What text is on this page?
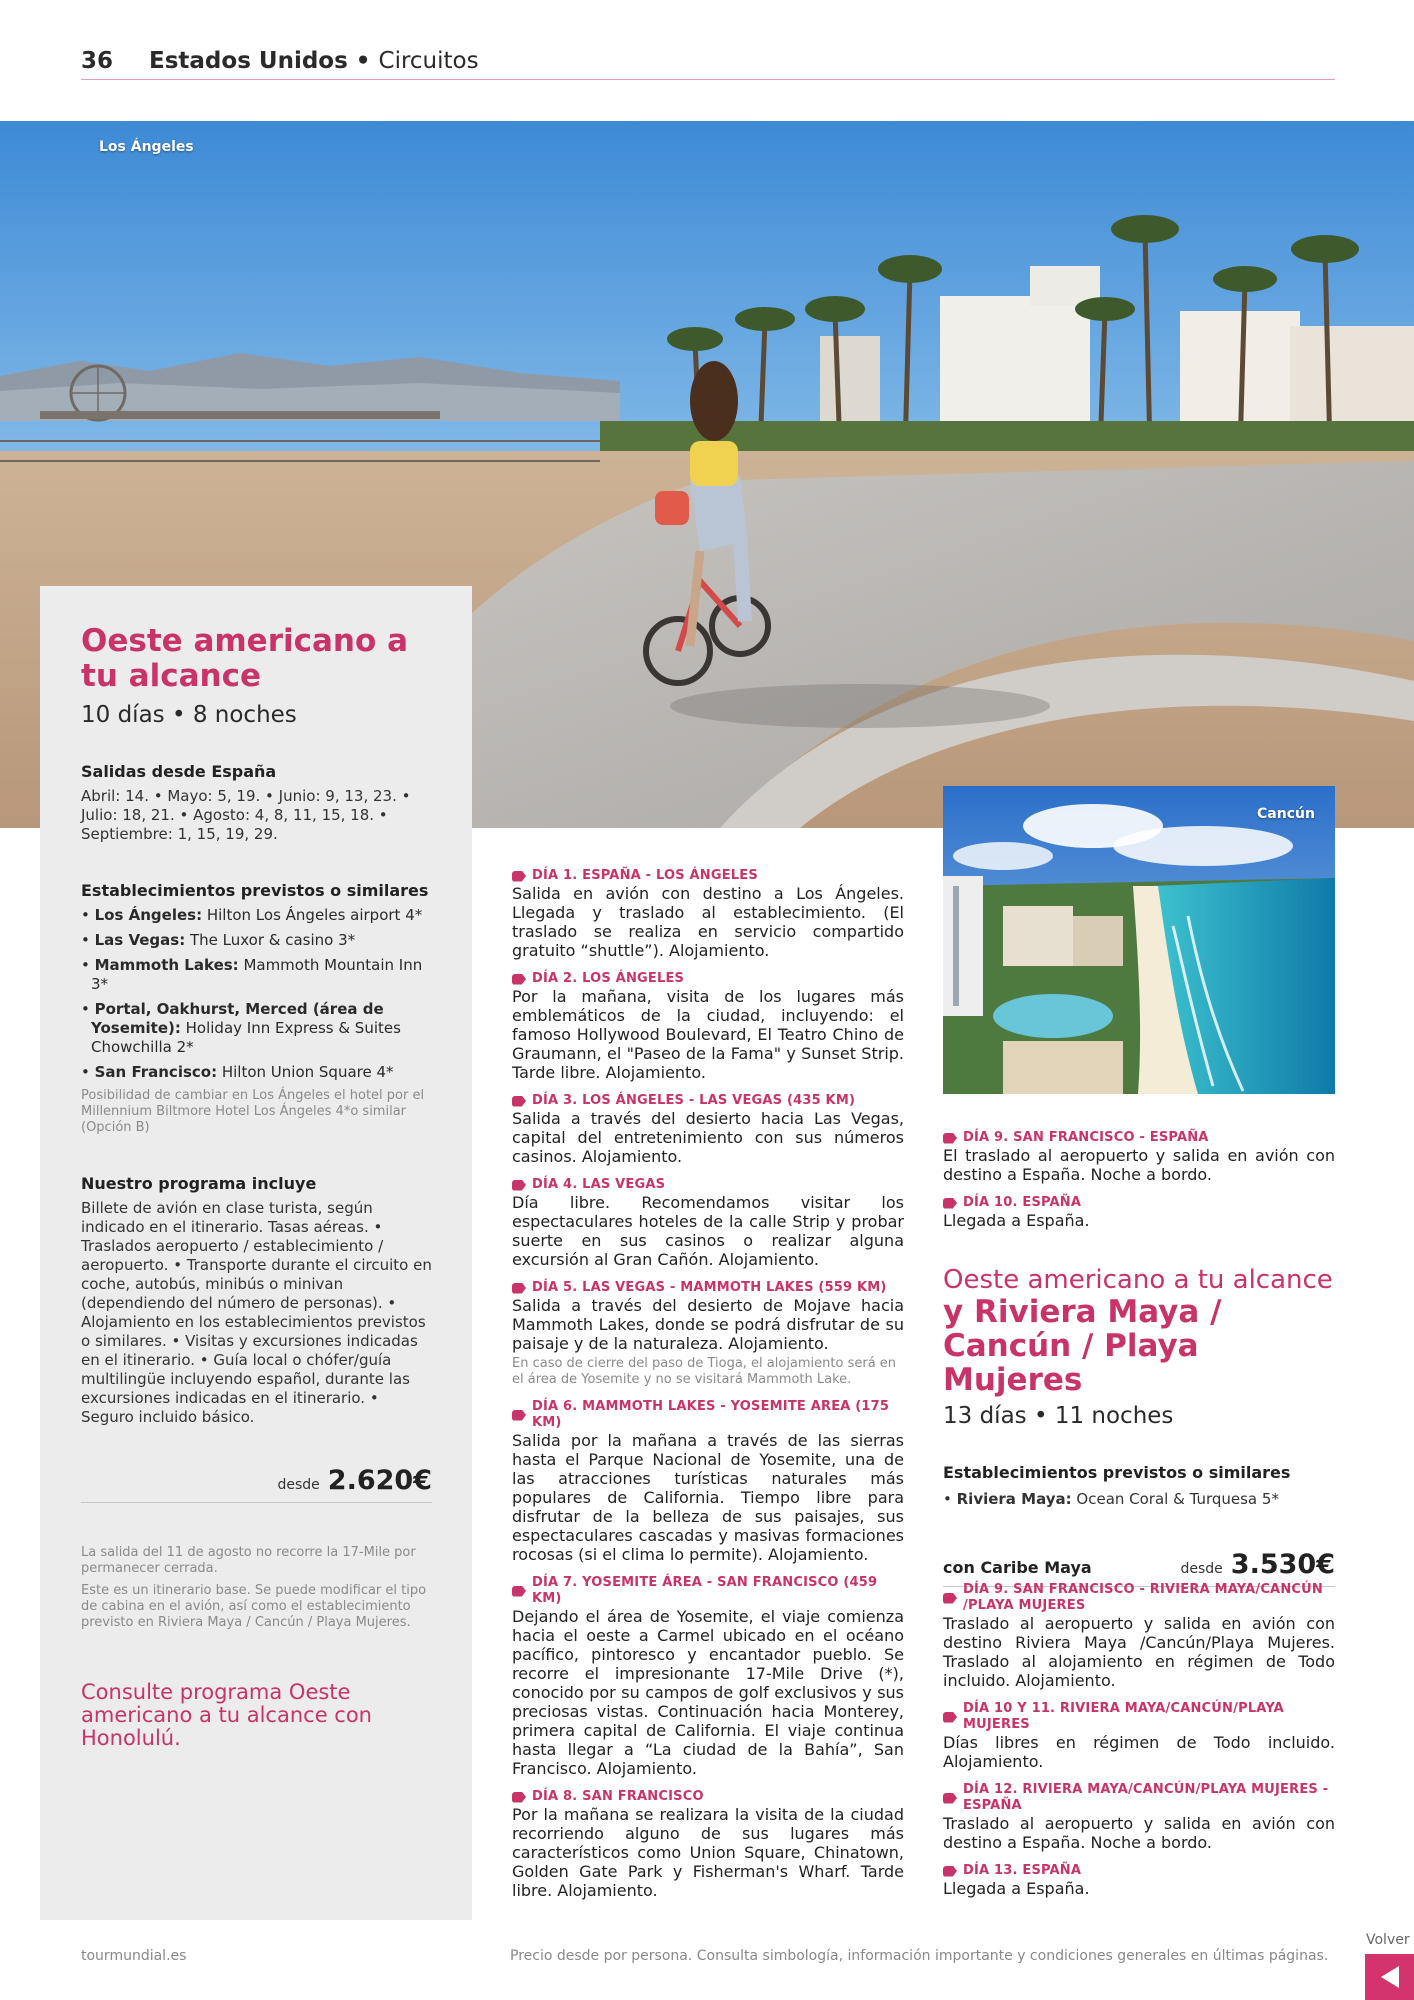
36 Estados Unidos • Circuitos
Los Ángeles
Oeste americano a tu alcance
10 días • 8 noches
Salidas desde España
Abril: 14. • Mayo: 5, 19. • Junio: 9, 13, 23. • Julio: 18, 21. • Agosto: 4, 8, 11, 15, 18. • Septiembre: 1, 15, 19, 29.
Establecimientos previstos o similares
• Los Ángeles: Hilton Los Ángeles airport 4*
• Las Vegas: The Luxor & casino 3*
• Mammoth Lakes: Mammoth Mountain Inn 3*
• Portal, Oakhurst, Merced (área de Yosemite): Holiday Inn Express & Suites Chowchilla 2*
• San Francisco: Hilton Union Square 4*
Posibilidad de cambiar en Los Ángeles el hotel por el Millennium Biltmore Hotel Los Ángeles 4*o similar (Opción B)
Nuestro programa incluye
Billete de avión en clase turista, según indicado en el itinerario. Tasas aéreas. • Traslados aeropuerto / establecimiento / aeropuerto. • Transporte durante el circuito en coche, autobús, minibús o minivan (dependiendo del número de personas). • Alojamiento en los establecimientos previstos o similares. • Visitas y excursiones indicadas en el itinerario. • Guía local o chófer/guía multilingüe incluyendo español, durante las excursiones indicadas en el itinerario. • Seguro incluido básico.
desde 2.620€
La salida del 11 de agosto no recorre la 17-Mile por permanecer cerrada.
Este es un itinerario base. Se puede modificar el tipo de cabina en el avión, así como el establecimiento previsto en Riviera Maya / Cancún / Playa Mujeres.
Consulte programa Oeste americano a tu alcance con Honolulú.
DÍA 1. ESPAÑA - LOS ÁNGELES
Salida en avión con destino a Los Ángeles. Llegada y traslado al establecimiento. (El traslado se realiza en servicio compartido gratuito “shuttle”). Alojamiento.
DÍA 2. LOS ÁNGELES
Por la mañana, visita de los lugares más emblemáticos de la ciudad, incluyendo: el famoso Hollywood Boulevard, El Teatro Chino de Graumann, el "Paseo de la Fama" y Sunset Strip. Tarde libre. Alojamiento.
DÍA 3. LOS ÁNGELES - LAS VEGAS (435 KM)
Salida a través del desierto hacia Las Vegas, capital del entretenimiento con sus números casinos. Alojamiento.
DÍA 4. LAS VEGAS
Día libre. Recomendamos visitar los espectaculares hoteles de la calle Strip y probar suerte en sus casinos o realizar alguna excursión al Gran Cañón. Alojamiento.
DÍA 5. LAS VEGAS - MAMMOTH LAKES (559 KM)
Salida a través del desierto de Mojave hacia Mammoth Lakes, donde se podrá disfrutar de su paisaje y de la naturaleza. Alojamiento.
En caso de cierre del paso de Tioga, el alojamiento será en el área de Yosemite y no se visitará Mammoth Lake.
DÍA 6. MAMMOTH LAKES - YOSEMITE AREA (175 KM)
Salida por la mañana a través de las sierras hasta el Parque Nacional de Yosemite, una de las atracciones turísticas naturales más populares de California. Tiempo libre para disfrutar de la belleza de sus paisajes, sus espectaculares cascadas y masivas formaciones rocosas (si el clima lo permite). Alojamiento.
DÍA 7. YOSEMITE ÁREA - SAN FRANCISCO (459 KM)
Dejando el área de Yosemite, el viaje comienza hacia el oeste a Carmel ubicado en el océano pacífico, pintoresco y encantador pueblo. Se recorre el impresionante 17-Mile Drive (*), conocido por su campos de golf exclusivos y sus preciosas vistas. Continuación hacia Monterey, primera capital de California. El viaje continua hasta llegar a “La ciudad de la Bahía”, San Francisco. Alojamiento.
DÍA 8. SAN FRANCISCO
Por la mañana se realizara la visita de la ciudad recorriendo alguno de sus lugares más característicos como Union Square, Chinatown, Golden Gate Park y Fisherman's Wharf. Tarde libre. Alojamiento.
Cancún
DÍA 9. SAN FRANCISCO - ESPAÑA
El traslado al aeropuerto y salida en avión con destino a España. Noche a bordo.
DÍA 10. ESPAÑA
Llegada a España.
Oeste americano a tu alcance
y Riviera Maya / Cancún / Playa Mujeres
13 días • 11 noches
Establecimientos previstos o similares
• Riviera Maya: Ocean Coral & Turquesa 5*
con Caribe Maya	desde 3.530€
DÍA 9. SAN FRANCISCO - RIVIERA MAYA/CANCÚN /PLAYA MUJERES
Traslado al aeropuerto y salida en avión con destino Riviera Maya /Cancún/Playa Mujeres. Traslado al alojamiento en régimen de Todo incluido. Alojamiento.
DÍA 10 Y 11. RIVIERA MAYA/CANCÚN/PLAYA MUJERES
Días libres en régimen de Todo incluido. Alojamiento.
DÍA 12. RIVIERA MAYA/CANCÚN/PLAYA MUJERES - ESPAÑA
Traslado al aeropuerto y salida en avión con destino a España. Noche a bordo.
DÍA 13. ESPAÑA
Llegada a España.
tourmundial.es	Precio desde por persona. Consulta simbología, información importante y condiciones generales en últimas páginas.
Volver
